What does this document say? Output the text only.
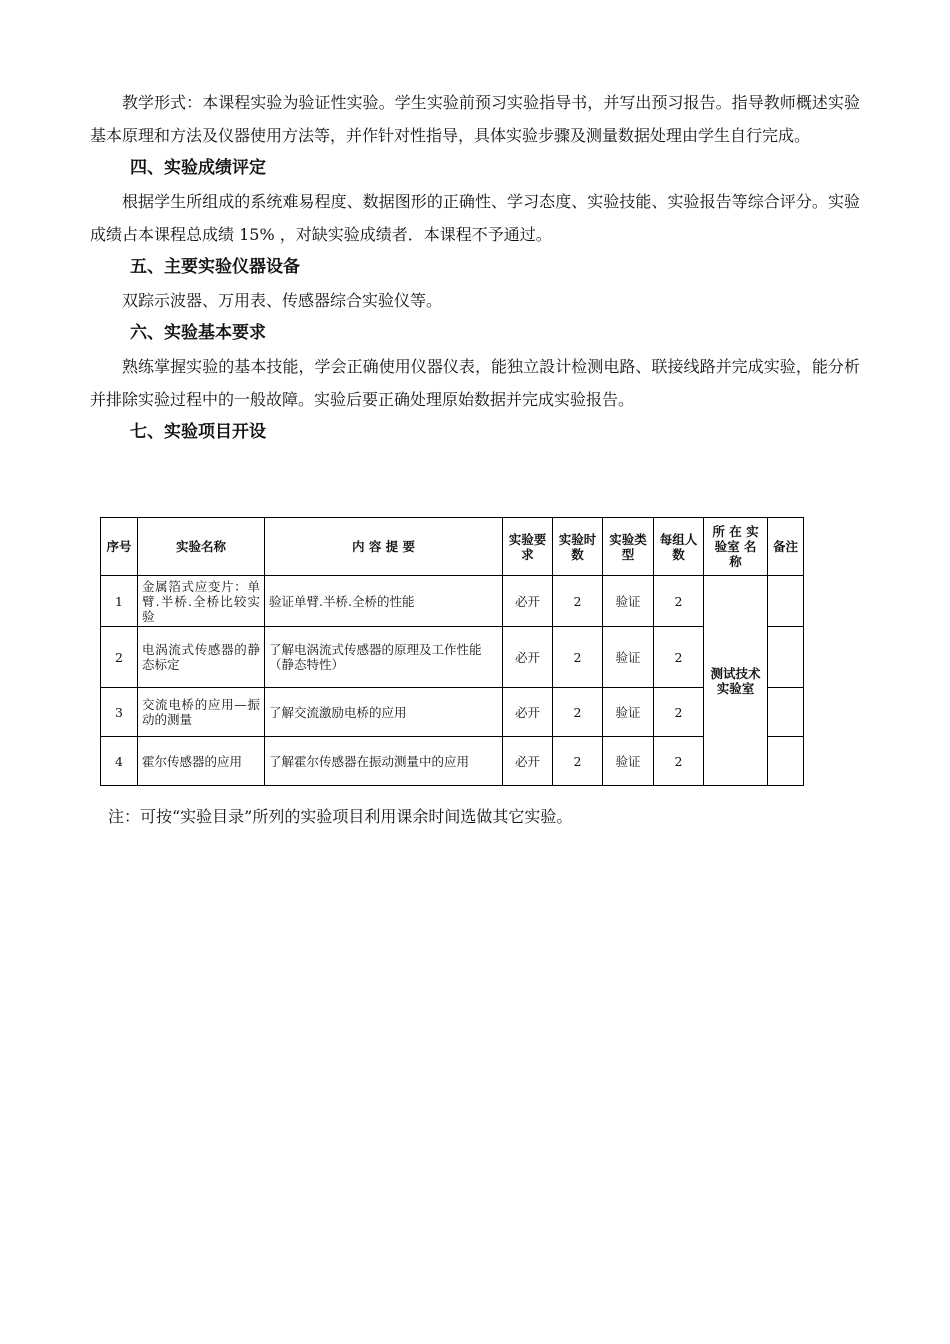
教学形式：本课程实验为验证性实验。学生实验前预习实验指导书，并写出预习报告。指导教师概述实验基本原理和方法及仪器使用方法等，并作针对性指导，具体实验步骤及测量数据处理由学生自行完成。

四、实验成绩评定

根据学生所组成的系统难易程度、数据图形的正确性、学习态度、实验技能、实验报告等综合评分。实验成绩占本课程总成绩 15% ，对缺实验成绩者．本课程不予通过。

五、主要实验仪器设备

双踪示波器、万用表、传感器综合实验仪等。

六、实验基本要求

熟练掌握实验的基本技能，学会正确使用仪器仪表，能独立設计检测电路、联接线路并完成实验，能分析并排除实验过程中的一般故障。实验后要正确处理原始数据并完成实验报告。

七、实验项目开设
序号	实验名称	内 容 提 要	实验要求	实验时数	实验类型	每组人数	所 在 实验室 名 称	备注
1	金属箔式应变片：单臂.半桥.全桥比较实验	验证单臂.半桥.全桥的性能	必开	2	验证	2	测试技术实验室	
2	电涡流式传感器的静态标定	了解电涡流式传感器的原理及工作性能（静态特性）	必开	2	验证	2		
3	交流电桥的应用—振动的测量	了解交流激励电桥的应用	必开	2	验证	2		
4	霍尔传感器的应用	了解霍尔传感器在振动测量中的应用	必开	2	验证	2		

注：可按“实验目录”所列的实验项目利用课余时间选做其它实验。
